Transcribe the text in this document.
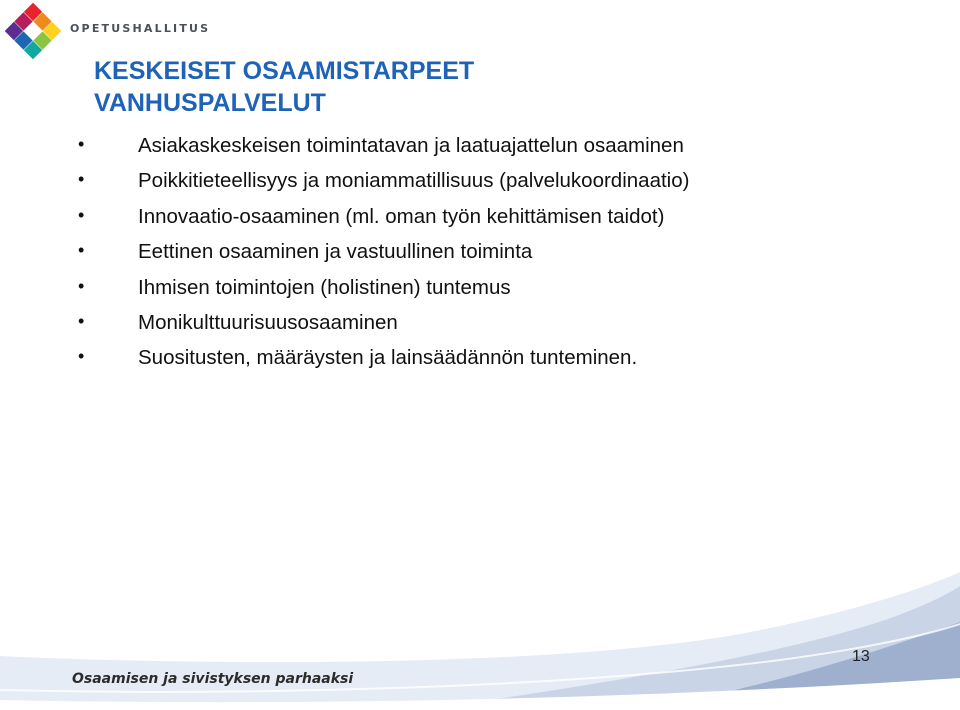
OPETUSHALLITUS
KESKEISET OSAAMISTARPEET
VANHUSPALVELUT
•	Asiakaskeskeisen toimintatavan ja laatuajattelun osaaminen
•	Poikkitieteellisyys ja moniammatillisuus (palvelukoordinaatio)
•	Innovaatio-osaaminen (ml. oman työn kehittämisen taidot)
•	Eettinen osaaminen ja vastuullinen toiminta
•	Ihmisen toimintojen (holistinen) tuntemus
•	Monikulttuurisuusosaaminen
•	Suositusten, määräysten ja lainsäädännön tunteminen.
Osaamisen ja sivistyksen parhaaksi
13
